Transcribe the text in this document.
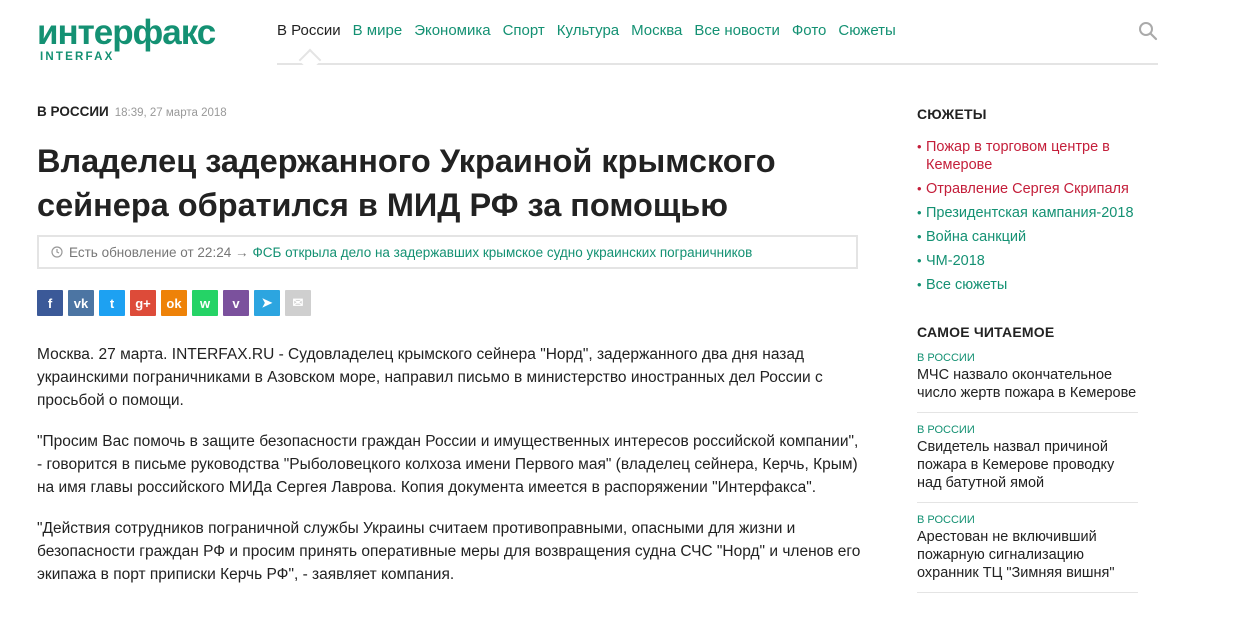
интерфакс
INTERFAX
В России В мире Экономика Спорт Культура Москва Все новости Фото Сюжеты
В РОССИИ 18:39, 27 марта 2018
Владелец задержанного Украиной крымского сейнера обратился в МИД РФ за помощью
Есть обновление от 22:24 → ФСБ открыла дело на задержавших крымское судно украинских пограничников
f	vk	t	g+	ok	w	v	➤	✉

Москва. 27 марта. INTERFAX.RU - Судовладелец крымского сейнера "Норд", задержанного два дня назад украинскими пограничниками в Азовском море, направил письмо в министерство иностранных дел России с просьбой о помощи.

"Просим Вас помочь в защите безопасности граждан России и имущественных интересов российской компании", - говорится в письме руководства "Рыболовецкого колхоза имени Первого мая" (владелец сейнера, Керчь, Крым) на имя главы российского МИДа Сергея Лаврова. Копия документа имеется в распоряжении "Интерфакса".

"Действия сотрудников пограничной службы Украины считаем противоправными, опасными для жизни и безопасности граждан РФ и просим принять оперативные меры для возвращения судна СЧС "Норд" и членов его экипажа в порт приписки Керчь РФ", - заявляет компания.

СЮЖЕТЫ
• Пожар в торговом центре в Кемерове
• Отравление Сергея Скрипаля
• Президентская кампания-2018
• Война санкций
• ЧМ-2018
• Все сюжеты
САМОЕ ЧИТАЕМОЕ
В РОССИИ
МЧС назвало окончательное число жертв пожара в Кемерове
В РОССИИ
Свидетель назвал причиной пожара в Кемерове проводку над батутной ямой
В РОССИИ
Арестован не включивший пожарную сигнализацию охранник ТЦ "Зимняя вишня"
